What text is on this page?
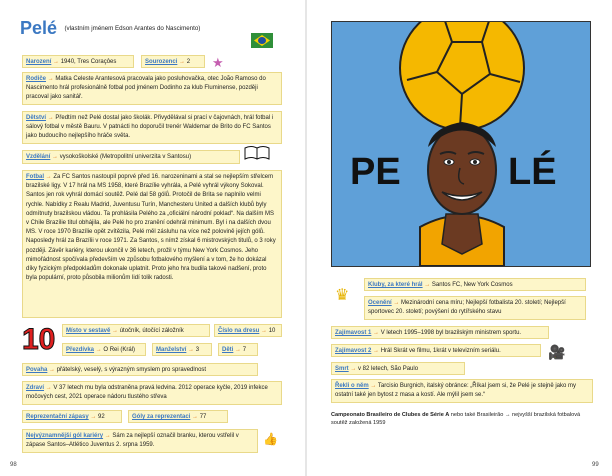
Pelé (vlastním jménem Edson Arantes do Nascimento)
★
Narození → 1940, Tres Coraçôes	Sourozenci → 2
Rodiče → Matka Celeste Arantesová pracovala jako posluhovačka, otec João Ramoso do Nascimento hrál profesionálně fotbal pod jménem Dodinho za klub Fluminense, později pracoval jako sanitář.
Dětství → Předtím než Pelé dostal jako školák. Přivydělával si prací v čajovnách, hrál fotbal i sálový fotbal v městě Bauru. V patnácti ho doporučil trenér Waldemar de Brito do FC Santos jako budoucího nejlepšího hráče světa.
Vzdělání → vysokoškolské (Metropolitní univerzita v Santosu)
Fotbal → Za FC Santos nastoupil poprvé před 16. narozeninami a stal se nejlepším střelcem brazilské ligy. V 17 hrál na MS 1958, které Brazílie vyhrála, a Pelé vyhrál výkony Sokoval. Santos jen rok vyhrál domácí soutěž. Pelé dal 58 gólů. Protočil de Brita se naplnilo velmi rychle. Nabídky z Realu Madrid, Juventusu Turín, Manchesteru United a dalších klubů byly odmítnuty brazilskou vládou. Ta prohlásila Pelého za „oficiální národní poklad“. Na dalším MS v Chile Brazílie titul obhájila, ale Pelé ho pro zranění odehrál minimum. Byl i na dalších dvou MS. V roce 1970 Brazílie opět zvítězila, Pelé měl zásluhu na více než polovině jejích gólů. Naposledy hrál za Brazílii v roce 1971. Za Santos, s nímž získal 6 mistrovských titulů, o 3 roky později. Závěr kariéry, kterou ukončil v 36 letech, prožil v týmu New York Cosmos. Jeho mimořádnost spočívala především ve způsobu fotbalového myšlení a v tom, že ho dokázal díky fyzickým předpokladům dokonale uplatnit. Proto jeho hra budila takové nadšení, proto byla populární, proto působila milionům lidí tolik radosti.
10	Místo v sestavě → útočník, útočící záložník	Číslo na dresu → 10
Přezdívka → O Rei (Král)	Manželství → 3	Děti → 7
Povaha → přátelský, veselý, s výrazným smyslem pro spravedlnost
Zdraví → V 37 letech mu byla odstraněna pravá ledvina. 2012 operace kyčle, 2019 infekce močových cest, 2021 operace nádoru tlustého střeva
Reprezentační zápasy → 92	Góly za reprezentaci → 77
Nejvýznamnější gól kariéry → Sám za nejlepší označil branku, kterou vstřelil v zápase Santos–Atlético Juventus 2. srpna 1959.	👍
98
PE	LÉ
♛
Kluby, za které hrál → Santos FC, New York Cosmos
Ocenění → Mezinárodní cena míru; Nejlepší fotbalista 20. století; Nejlepší sportovec 20. století; povýšení do rytířského stavu
Zajímavost 1 → V letech 1995–1998 byl brazilským ministrem sportu.
Zajímavost 2 → Hrál Skrát ve filmu, 1krát v televizním seriálu.	🎥
Smrt → v 82 letech, São Paulo
Řekli o něm → Tarcisio Burgnich, italský obránce: „Říkal jsem si, že Pelé je stejně jako my ostatní také jen bytost z masa a kostí. Ale mýlil jsem se.“
Campeonato Brasileiro de Clubes de Série A nebo také Brasileirão → nejvyšší brazilská fotbalová soutěž založená 1959
99
